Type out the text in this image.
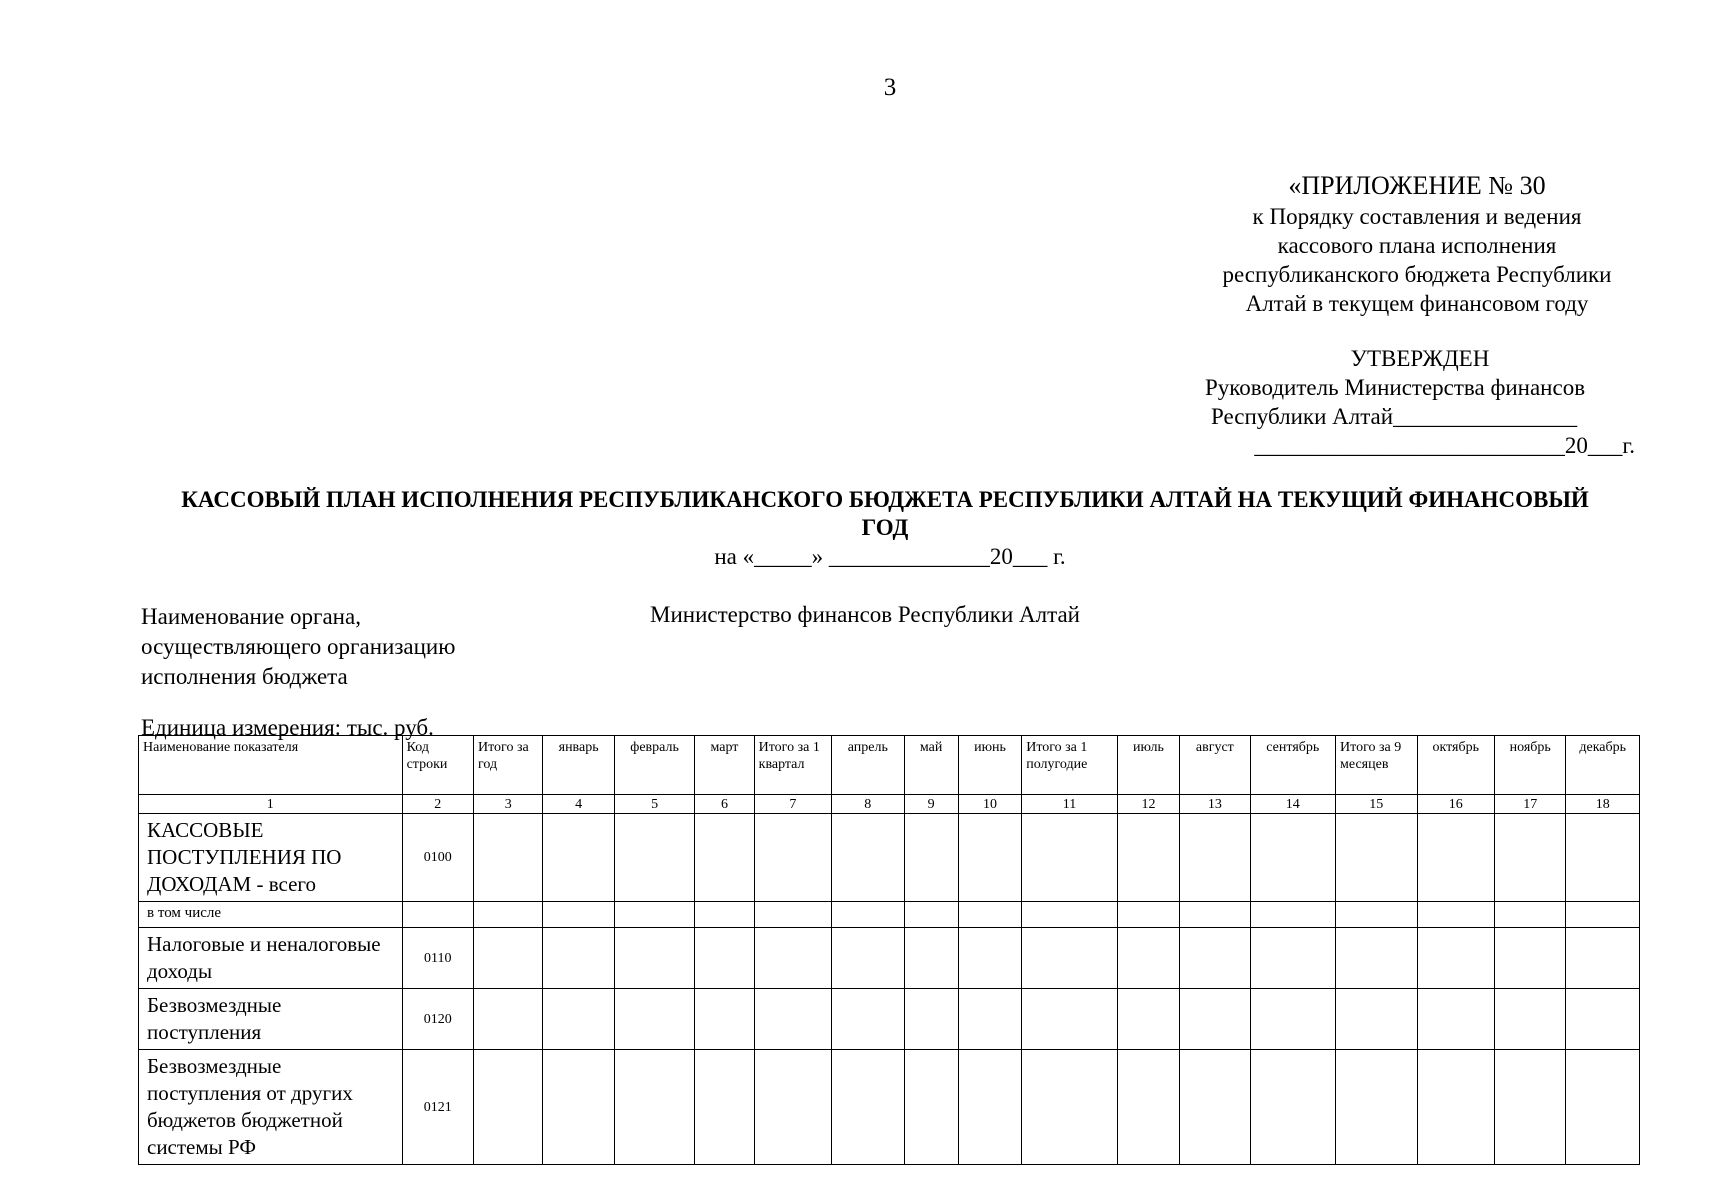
3
«ПРИЛОЖЕНИЕ № 30
к Порядку составления и ведения
кассового плана исполнения
республиканского бюджета Республики
Алтай в текущем финансовом году
УТВЕРЖДЕН
Руководитель Министерства финансов
Республики Алтай________________
___________________________20___г.
КАССОВЫЙ ПЛАН ИСПОЛНЕНИЯ РЕСПУБЛИКАНСКОГО БЮДЖЕТА РЕСПУБЛИКИ АЛТАЙ НА ТЕКУЩИЙ ФИНАНСОВЫЙ ГОД
на «_____» ______________20___ г.
Наименование органа,
осуществляющего организацию
исполнения бюджета
Министерство финансов Республики Алтай
Единица измерения: тыс. руб.
Наименование показателя	Код строки	Итого за год	январь	февраль	март	Итого за 1 квартал	апрель	май	июнь	Итого за 1 полугодие	июль	август	сентябрь	Итого за 9 месяцев	октябрь	ноябрь	декабрь
1	2	3	4	5	6	7	8	9	10	11	12	13	14	15	16	17	18
КАССОВЫЕ ПОСТУПЛЕНИЯ ПО ДОХОДАМ - всего	0100																
в том числе																	
Налоговые и неналоговые доходы	0110																
Безвозмездные поступления	0120																
Безвозмездные поступления от других бюджетов бюджетной системы РФ	0121																
